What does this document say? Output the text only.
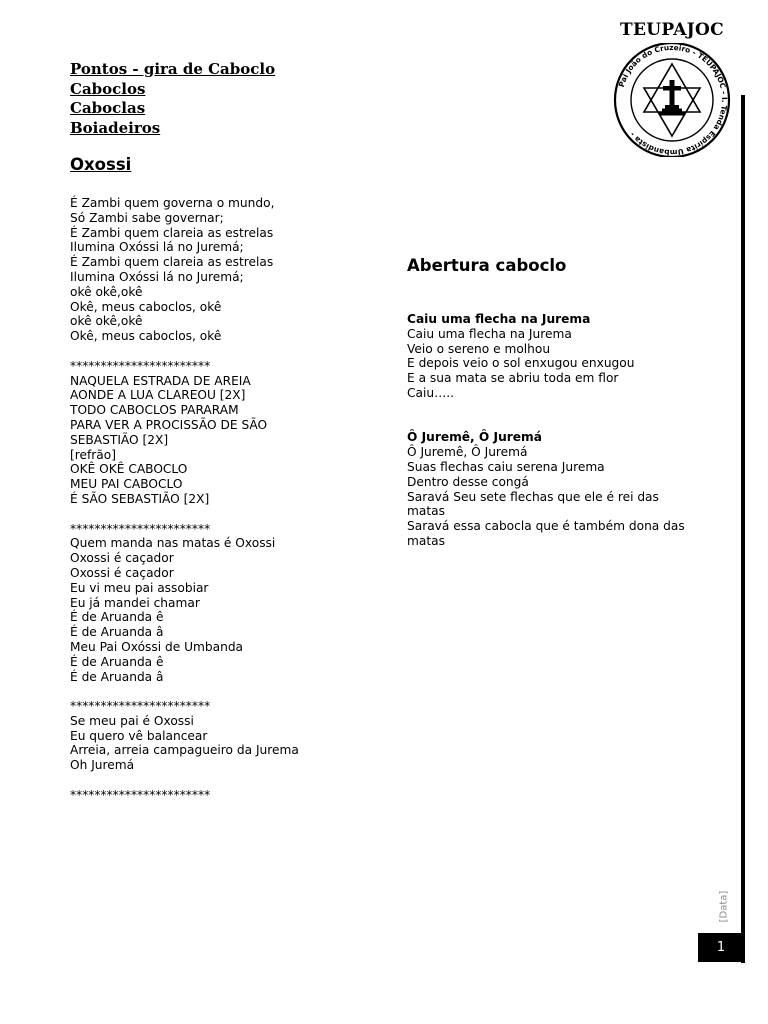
Pontos - gira de Caboclo
Caboclos
Caboclas
Boiadeiros
TEUPAJOC
Pai João do Cruzeiro - TEUPAJOC - I. Tenda Espírita Umbandista -
Oxossi
É Zambi quem governa o mundo,
Só Zambi sabe governar;
É Zambi quem clareia as estrelas
Ilumina Oxóssi lá no Juremá;
É Zambi quem clareia as estrelas
Ilumina Oxóssi lá no Juremá;
okê okê,okê
Okê, meus caboclos, okê
okê okê,okê
Okê, meus caboclos, okê
***********************
NAQUELA ESTRADA DE AREIA
AONDE A LUA CLAREOU [2X]
TODO CABOCLOS PARARAM
PARA VER A PROCISSÃO DE SÃO
SEBASTIÃO [2X]
[refrão]
OKÊ OKÊ CABOCLO
MEU PAI CABOCLO
É SÃO SEBASTIÃO [2X]
***********************
Quem manda nas matas é Oxossi
Oxossi é caçador
Oxossi é caçador
Eu vi meu pai assobiar
Eu já mandei chamar
É de Aruanda ê
É de Aruanda â
Meu Pai Oxóssi de Umbanda
É de Aruanda ê
É de Aruanda â
***********************
Se meu pai é Oxossi
Eu quero vê balancear
Arreia, arreia campagueiro da Jurema
Oh Juremá
***********************
Abertura caboclo
Caiu uma flecha na Jurema
Caiu uma flecha na Jurema
Veio o sereno e molhou
E depois veio o sol enxugou enxugou
E a sua mata se abriu toda em flor
Caiu…..
Ô Juremê, Ô Juremá
Ô Juremê, Ô Juremá
Suas flechas caiu serena Jurema
Dentro desse congá
Saravá Seu sete flechas que ele é rei das matas
Saravá essa cabocla que é também dona das matas
[Data]
1
